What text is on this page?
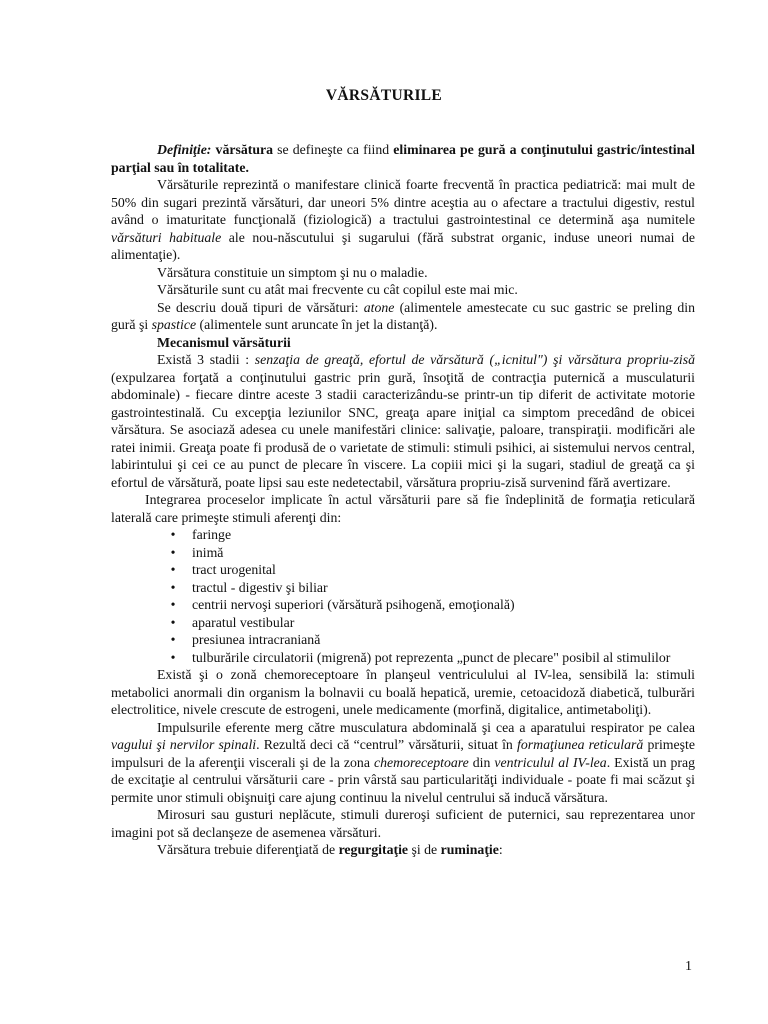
VĂRSĂTURILE

Definiţie: vărsătura se defineşte ca fiind eliminarea pe gură a conţinutului gastric/intestinal parţial sau în totalitate.

Vărsăturile reprezintă o manifestare clinică foarte frecventă în practica pediatrică: mai mult de 50% din sugari prezintă vărsături, dar uneori 5% dintre aceştia au o afectare a tractului digestiv, restul având o imaturitate funcţională (fiziologică) a tractului gastrointestinal ce determină aşa numitele vărsături habituale ale nou-născutului şi sugarului (fără substrat organic, induse uneori numai de alimentaţie).

Vărsătura constituie un simptom şi nu o maladie.

Vărsăturile sunt cu atât mai frecvente cu cât copilul este mai mic.

Se descriu două tipuri de vărsături: atone (alimentele amestecate cu suc gastric se preling din gură şi spastice (alimentele sunt aruncate în jet la distanţă).

Mecanismul vărsăturii

Există 3 stadii : senzaţia de greaţă, efortul de vărsătură („icnitul") şi vărsătura propriu-zisă (expulzarea forţată a conţinutului gastric prin gură, însoţită de contracţia puternică a musculaturii abdominale) - fiecare dintre aceste 3 stadii caracterizându-se printr-un tip diferit de activitate motorie gastrointestinală. Cu excepţia leziunilor SNC, greaţa apare iniţial ca simptom precedând de obicei vărsătura. Se asociază adesea cu unele manifestări clinice: salivaţie, paloare, transpiraţii. modificări ale ratei inimii. Greaţa poate fi produsă de o varietate de stimuli: stimuli psihici, ai sistemului nervos central, labirintului şi cei ce au punct de plecare în viscere. La copiii mici şi la sugari, stadiul de greaţă ca şi efortul de vărsătură, poate lipsi sau este nedetectabil, vărsătura propriu-zisă survenind fără avertizare.

Integrarea proceselor implicate în actul vărsăturii pare să fie îndeplinită de formaţia reticulară laterală care primeşte stimuli aferenţi din:

• faringe
• inimă
• tract urogenital
• tractul - digestiv şi biliar
• centrii nervoşi superiori (vărsătură psihogenă, emoţională)
• aparatul vestibular
• presiunea intracraniană
• tulburările circulatorii (migrenă) pot reprezenta „punct de plecare" posibil al stimulilor

Există şi o zonă chemoreceptoare în planşeul ventriculului al IV-lea, sensibilă la: stimuli metabolici anormali din organism la bolnavii cu boală hepatică, uremie, cetoacidoză diabetică, tulburări electrolitice, nivele crescute de estrogeni, unele medicamente (morfină, digitalice, antimetaboliţi).

Impulsurile eferente merg către musculatura abdominală şi cea a aparatului respirator pe calea vagului şi nervilor spinali. Rezultă deci că “centrul” vărsăturii, situat în formaţiunea reticulară primeşte impulsuri de la aferenţii viscerali şi de la zona chemoreceptoare din ventriculul al IV-lea. Există un prag de excitaţie al centrului vărsăturii care - prin vârstă sau particularităţi individuale - poate fi mai scăzut şi permite unor stimuli obişnuiţi care ajung continuu la nivelul centrului să inducă vărsătura.

Mirosuri sau gusturi neplăcute, stimuli dureroşi suficient de puternici, sau reprezentarea unor imagini pot să declanşeze de asemenea vărsături.

Vărsătura trebuie diferenţiată de regurgitaţie şi de ruminaţie:

1
